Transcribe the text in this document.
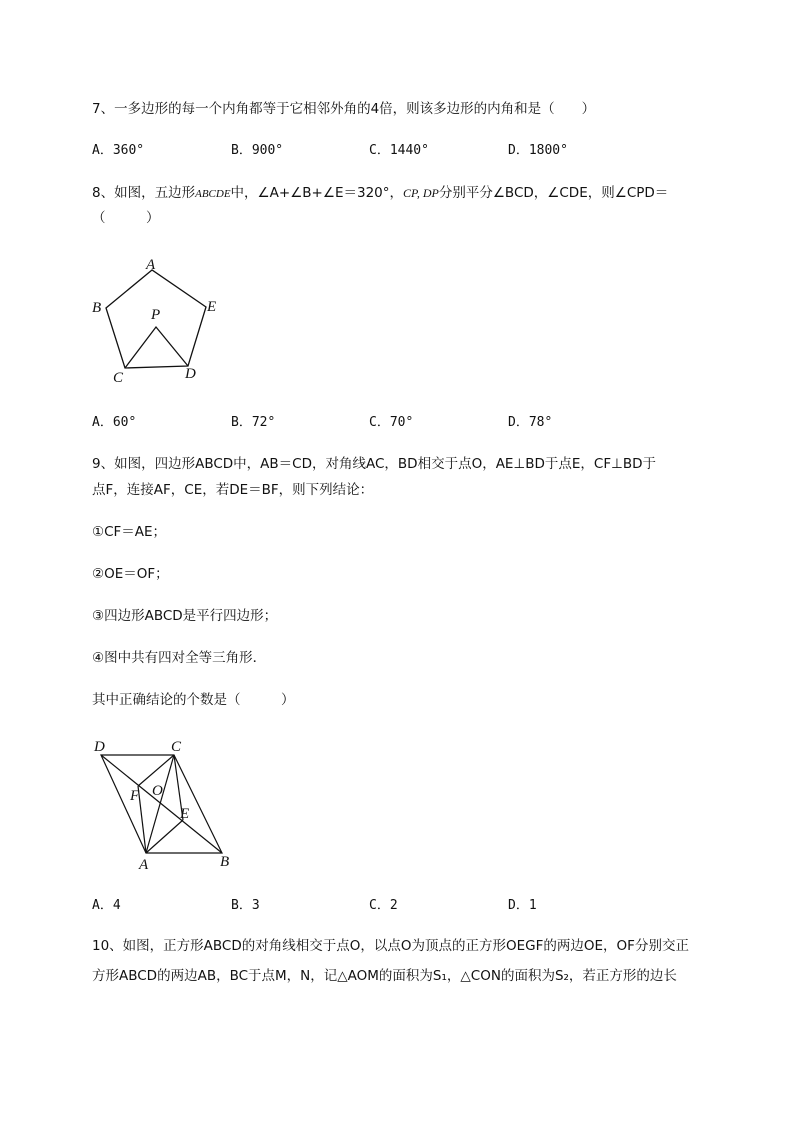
7、一多边形的每一个内角都等于它相邻外角的4倍，则该多边形的内角和是（　　）
A．360°	B．900°	C．1440°	D．1800°
8、如图，五边形ABCDE中，∠A+∠B+∠E＝320°，CP, DP分别平分∠BCD，∠CDE，则∠CPD＝
（　　　）
A
B	E
P
C	D
A．60°	B．72°	C．70°	D．78°
9、如图，四边形ABCD中，AB＝CD，对角线AC，BD相交于点O，AE⊥BD于点E，CF⊥BD于
点F，连接AF，CE，若DE＝BF，则下列结论：
①CF＝AE；
②OE＝OF；
③四边形ABCD是平行四边形；
④图中共有四对全等三角形．
其中正确结论的个数是（　　　）
D	C
F O
E
A	B
A．4	B．3	C．2	D．1
10、如图，正方形ABCD的对角线相交于点O，以点O为顶点的正方形OEGF的两边OE，OF分别交正
方形ABCD的两边AB，BC于点M，N，记△AOM的面积为S₁，△CON的面积为S₂，若正方形的边长
